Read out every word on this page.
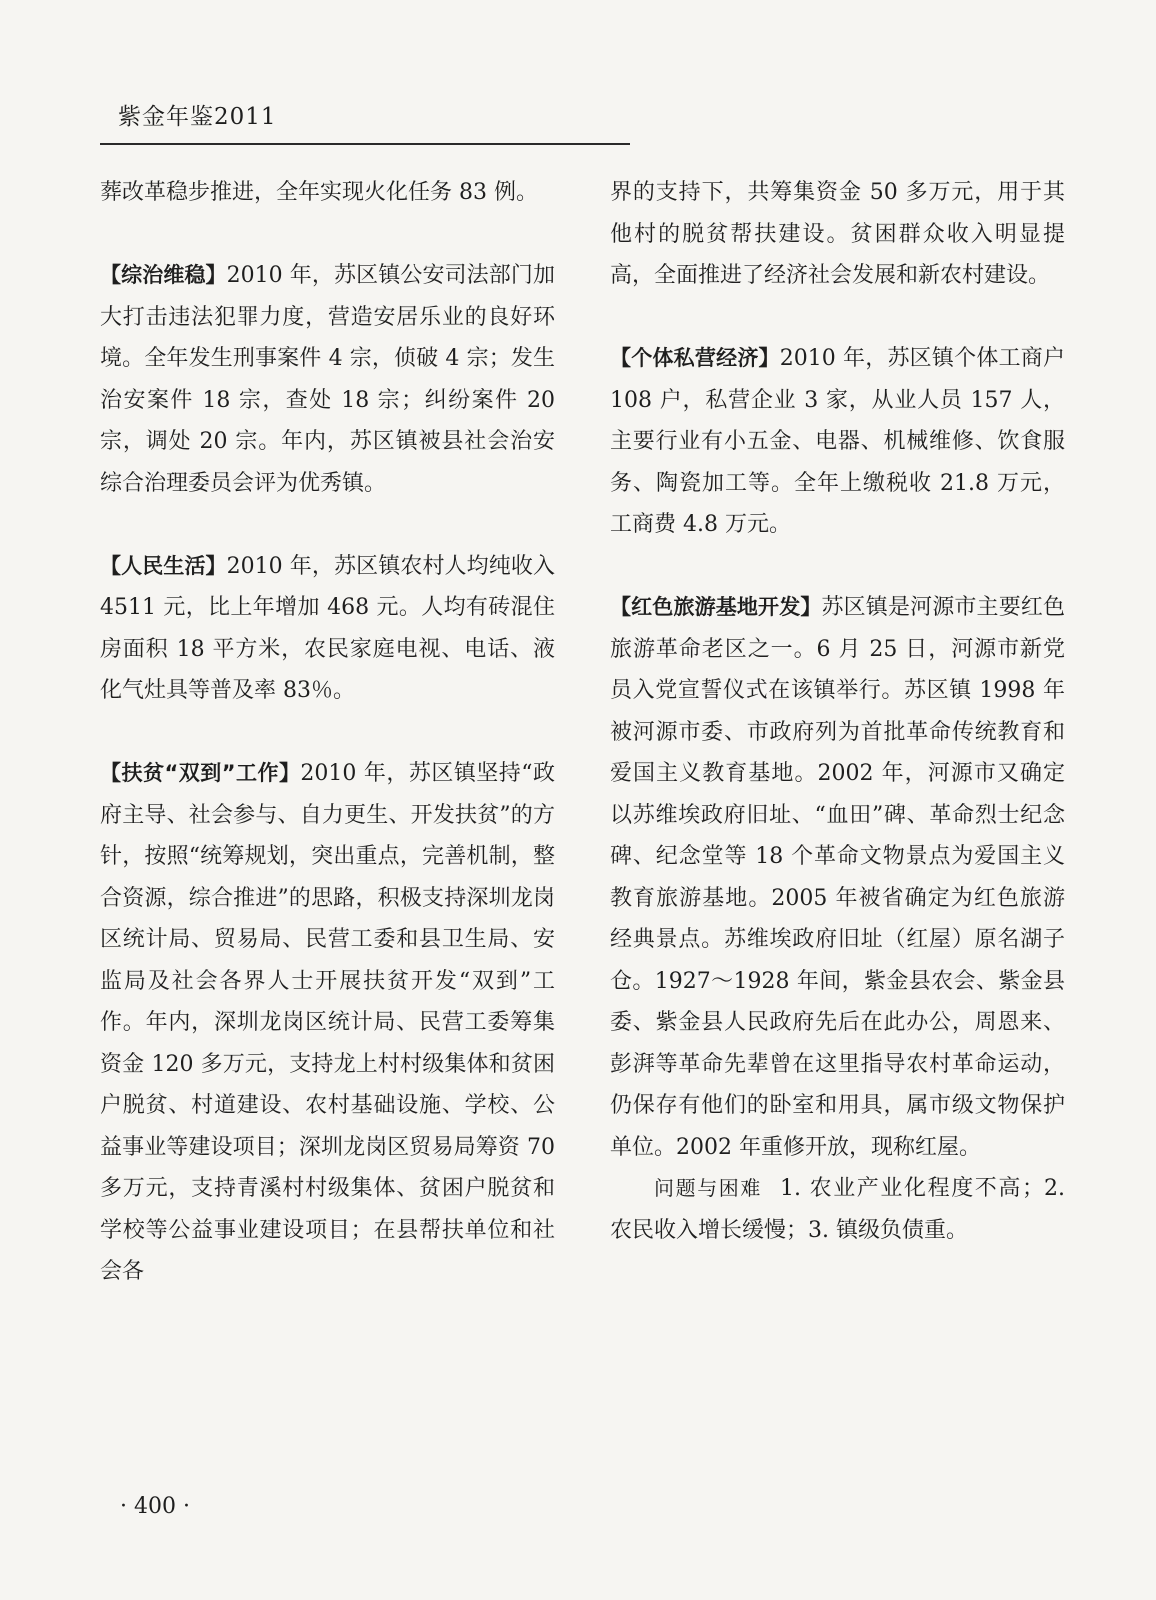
紫金年鉴2011

葬改革稳步推进，全年实现火化任务 83 例。

【综治维稳】2010 年，苏区镇公安司法部门加大打击违法犯罪力度，营造安居乐业的良好环境。全年发生刑事案件 4 宗，侦破 4 宗；发生治安案件 18 宗，查处 18 宗；纠纷案件 20 宗，调处 20 宗。年内，苏区镇被县社会治安综合治理委员会评为优秀镇。

【人民生活】2010 年，苏区镇农村人均纯收入 4511 元，比上年增加 468 元。人均有砖混住房面积 18 平方米，农民家庭电视、电话、液化气灶具等普及率 83％。

【扶贫“双到”工作】2010 年，苏区镇坚持“政府主导、社会参与、自力更生、开发扶贫”的方针，按照“统筹规划，突出重点，完善机制，整合资源，综合推进”的思路，积极支持深圳龙岗区统计局、贸易局、民营工委和县卫生局、安监局及社会各界人士开展扶贫开发“双到”工作。年内，深圳龙岗区统计局、民营工委筹集资金 120 多万元，支持龙上村村级集体和贫困户脱贫、村道建设、农村基础设施、学校、公益事业等建设项目；深圳龙岗区贸易局筹资 70 多万元，支持青溪村村级集体、贫困户脱贫和学校等公益事业建设项目；在县帮扶单位和社会各

界的支持下，共筹集资金 50 多万元，用于其他村的脱贫帮扶建设。贫困群众收入明显提高，全面推进了经济社会发展和新农村建设。

【个体私营经济】2010 年，苏区镇个体工商户 108 户，私营企业 3 家，从业人员 157 人，主要行业有小五金、电器、机械维修、饮食服务、陶瓷加工等。全年上缴税收 21.8 万元，工商费 4.8 万元。

【红色旅游基地开发】苏区镇是河源市主要红色旅游革命老区之一。6 月 25 日，河源市新党员入党宣誓仪式在该镇举行。苏区镇 1998 年被河源市委、市政府列为首批革命传统教育和爱国主义教育基地。2002 年，河源市又确定以苏维埃政府旧址、“血田”碑、革命烈士纪念碑、纪念堂等 18 个革命文物景点为爱国主义教育旅游基地。2005 年被省确定为红色旅游经典景点。苏维埃政府旧址（红屋）原名湖子仓。1927～1928 年间，紫金县农会、紫金县委、紫金县人民政府先后在此办公，周恩来、彭湃等革命先辈曾在这里指导农村革命运动，仍保存有他们的卧室和用具，属市级文物保护单位。2002 年重修开放，现称红屋。

问题与困难 1. 农业产业化程度不高；2. 农民收入增长缓慢；3. 镇级负债重。

· 400 ·
